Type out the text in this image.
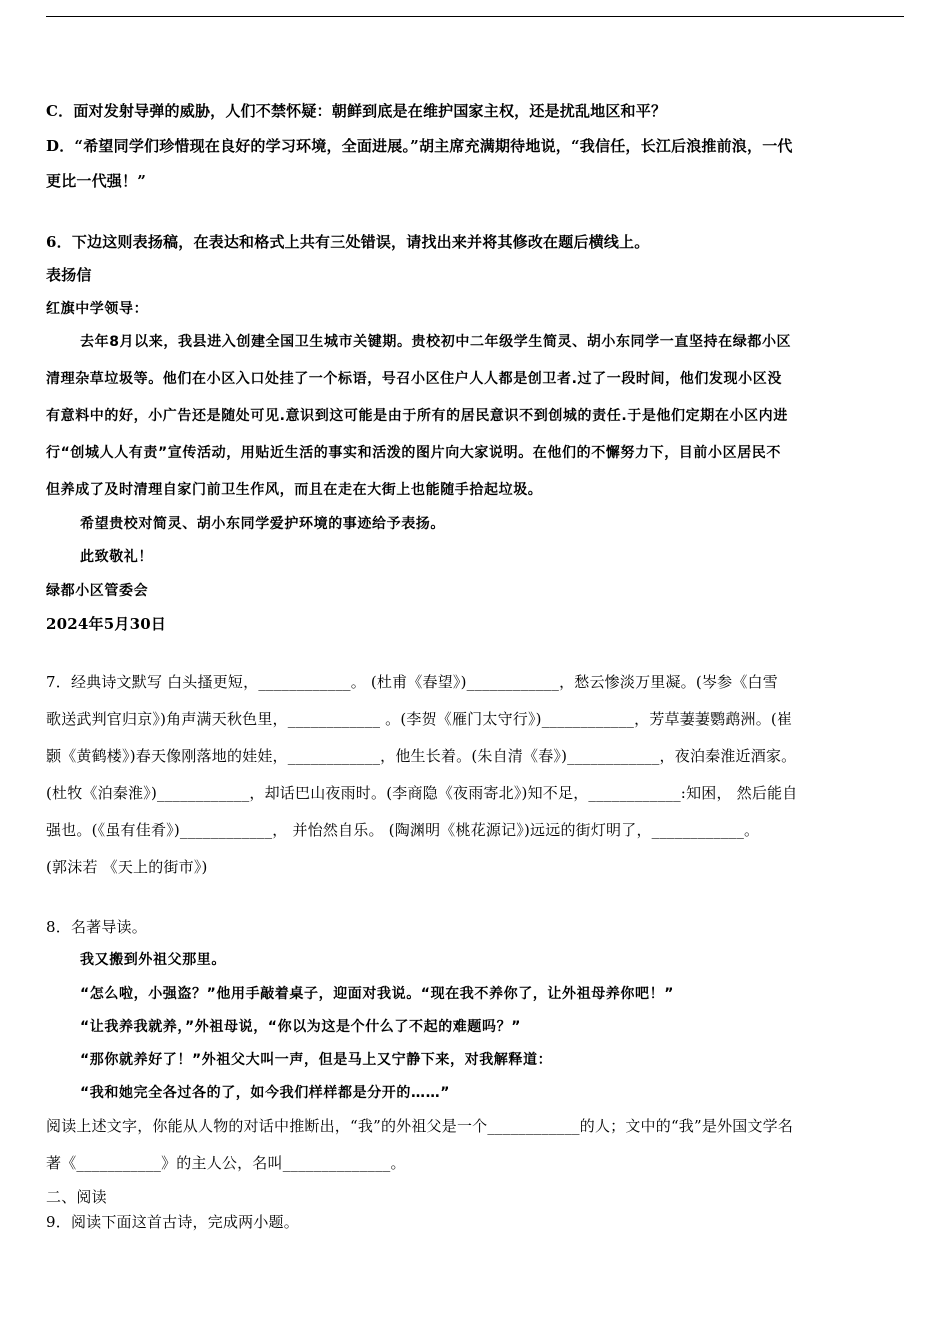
C．面对发射导弹的威胁，人们不禁怀疑：朝鲜到底是在维护国家主权，还是扰乱地区和平？
D．“希望同学们珍惜现在良好的学习环境，全面进展。”胡主席充满期待地说，“我信任，长江后浪推前浪，一代
更比一代强！”
6．下边这则表扬稿，在表达和格式上共有三处错误，请找出来并将其修改在题后横线上。
表扬信
红旗中学领导：
去年8月以来，我县进入创建全国卫生城市关键期。贵校初中二年级学生简灵、胡小东同学一直坚持在绿都小区
清理杂草垃圾等。他们在小区入口处挂了一个标语，号召小区住户人人都是创卫者.过了一段时间，他们发现小区没
有意料中的好，小广告还是随处可见.意识到这可能是由于所有的居民意识不到创城的责任.于是他们定期在小区内进
行“创城人人有责”宣传活动，用贴近生活的事实和活泼的图片向大家说明。在他们的不懈努力下，目前小区居民不
但养成了及时清理自家门前卫生作风，而且在走在大街上也能随手拾起垃圾。
希望贵校对简灵、胡小东同学爱护环境的事迹给予表扬。
此致敬礼！
绿都小区管委会
2024年5月30日
7．经典诗文默写 白头搔更短，____________。 (杜甫《春望》)____________，愁云惨淡万里凝。(岑参《白雪
歌送武判官归京》)角声满天秋色里，____________ 。(李贺《雁门太守行》)____________，芳草萋萋鹦鹉洲。(崔
颢《黄鹤楼》)春天像刚落地的娃娃，____________，他生长着。(朱自清《春》)____________，夜泊秦淮近酒家。
(杜牧《泊秦淮》)____________，却话巴山夜雨时。(李商隐《夜雨寄北》)知不足，____________:知困， 然后能自
强也。(《虽有佳肴》)____________， 并怡然自乐。 (陶渊明《桃花源记》)远远的街灯明了，____________。
(郭沫若 《天上的街市》)
8．名著导读。
我又搬到外祖父那里。
“怎么啦，小强盗？”他用手敲着桌子，迎面对我说。“现在我不养你了，让外祖母养你吧！”
“让我养我就养，”外祖母说，“你以为这是个什么了不起的难题吗？”
“那你就养好了！”外祖父大叫一声，但是马上又宁静下来，对我解释道：
“我和她完全各过各的了，如今我们样样都是分开的……”
阅读上述文字，你能从人物的对话中推断出，“我”的外祖父是一个____________的人；文中的“我”是外国文学名
著《___________》的主人公，名叫______________。
二、阅读
9．阅读下面这首古诗，完成两小题。
